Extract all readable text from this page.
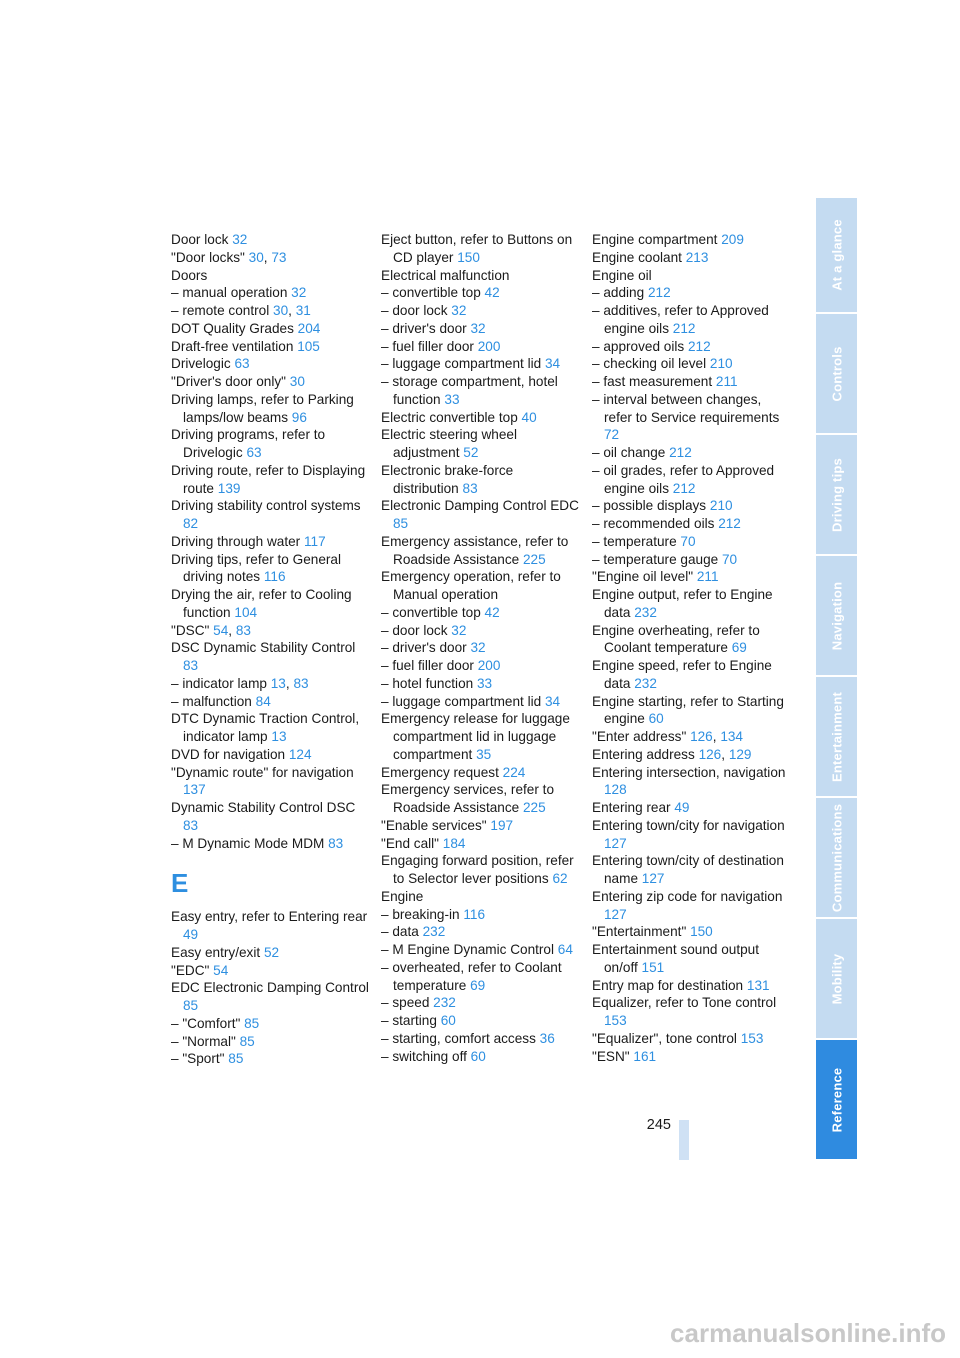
Door lock 32
"Door locks" 30, 73
Doors
– manual operation 32
– remote control 30, 31
DOT Quality Grades 204
Draft-free ventilation 105
Drivelogic 63
"Driver's door only" 30
Driving lamps, refer to Parking lamps/low beams 96
Driving programs, refer to Drivelogic 63
Driving route, refer to Displaying route 139
Driving stability control systems 82
Driving through water 117
Driving tips, refer to General driving notes 116
Drying the air, refer to Cooling function 104
"DSC" 54, 83
DSC Dynamic Stability Control 83
– indicator lamp 13, 83
– malfunction 84
DTC Dynamic Traction Control, indicator lamp 13
DVD for navigation 124
"Dynamic route" for navigation 137
Dynamic Stability Control DSC 83
– M Dynamic Mode MDM 83
E
Easy entry, refer to Entering rear 49
Easy entry/exit 52
"EDC" 54
EDC Electronic Damping Control 85
– "Comfort" 85
– "Normal" 85
– "Sport" 85
Eject button, refer to Buttons on CD player 150
Electrical malfunction
– convertible top 42
– door lock 32
– driver's door 32
– fuel filler door 200
– luggage compartment lid 34
– storage compartment, hotel function 33
Electric convertible top 40
Electric steering wheel adjustment 52
Electronic brake-force distribution 83
Electronic Damping Control EDC 85
Emergency assistance, refer to Roadside Assistance 225
Emergency operation, refer to Manual operation
– convertible top 42
– door lock 32
– driver's door 32
– fuel filler door 200
– hotel function 33
– luggage compartment lid 34
Emergency release for luggage compartment lid in luggage compartment 35
Emergency request 224
Emergency services, refer to Roadside Assistance 225
"Enable services" 197
"End call" 184
Engaging forward position, refer to Selector lever positions 62
Engine
– breaking-in 116
– data 232
– M Engine Dynamic Control 64
– overheated, refer to Coolant temperature 69
– speed 232
– starting 60
– starting, comfort access 36
– switching off 60
Engine compartment 209
Engine coolant 213
Engine oil
– adding 212
– additives, refer to Approved engine oils 212
– approved oils 212
– checking oil level 210
– fast measurement 211
– interval between changes, refer to Service requirements 72
– oil change 212
– oil grades, refer to Approved engine oils 212
– possible displays 210
– recommended oils 212
– temperature 70
– temperature gauge 70
"Engine oil level" 211
Engine output, refer to Engine data 232
Engine overheating, refer to Coolant temperature 69
Engine speed, refer to Engine data 232
Engine starting, refer to Starting engine 60
"Enter address" 126, 134
Entering address 126, 129
Entering intersection, navigation 128
Entering rear 49
Entering town/city for navigation 127
Entering town/city of destination name 127
Entering zip code for navigation 127
"Entertainment" 150
Entertainment sound output on/off 151
Entry map for destination 131
Equalizer, refer to Tone control 153
"Equalizer", tone control 153
"ESN" 161
245
At a glance
Controls
Driving tips
Navigation
Entertainment
Communications
Mobility
Reference
carmanualsonline.info
